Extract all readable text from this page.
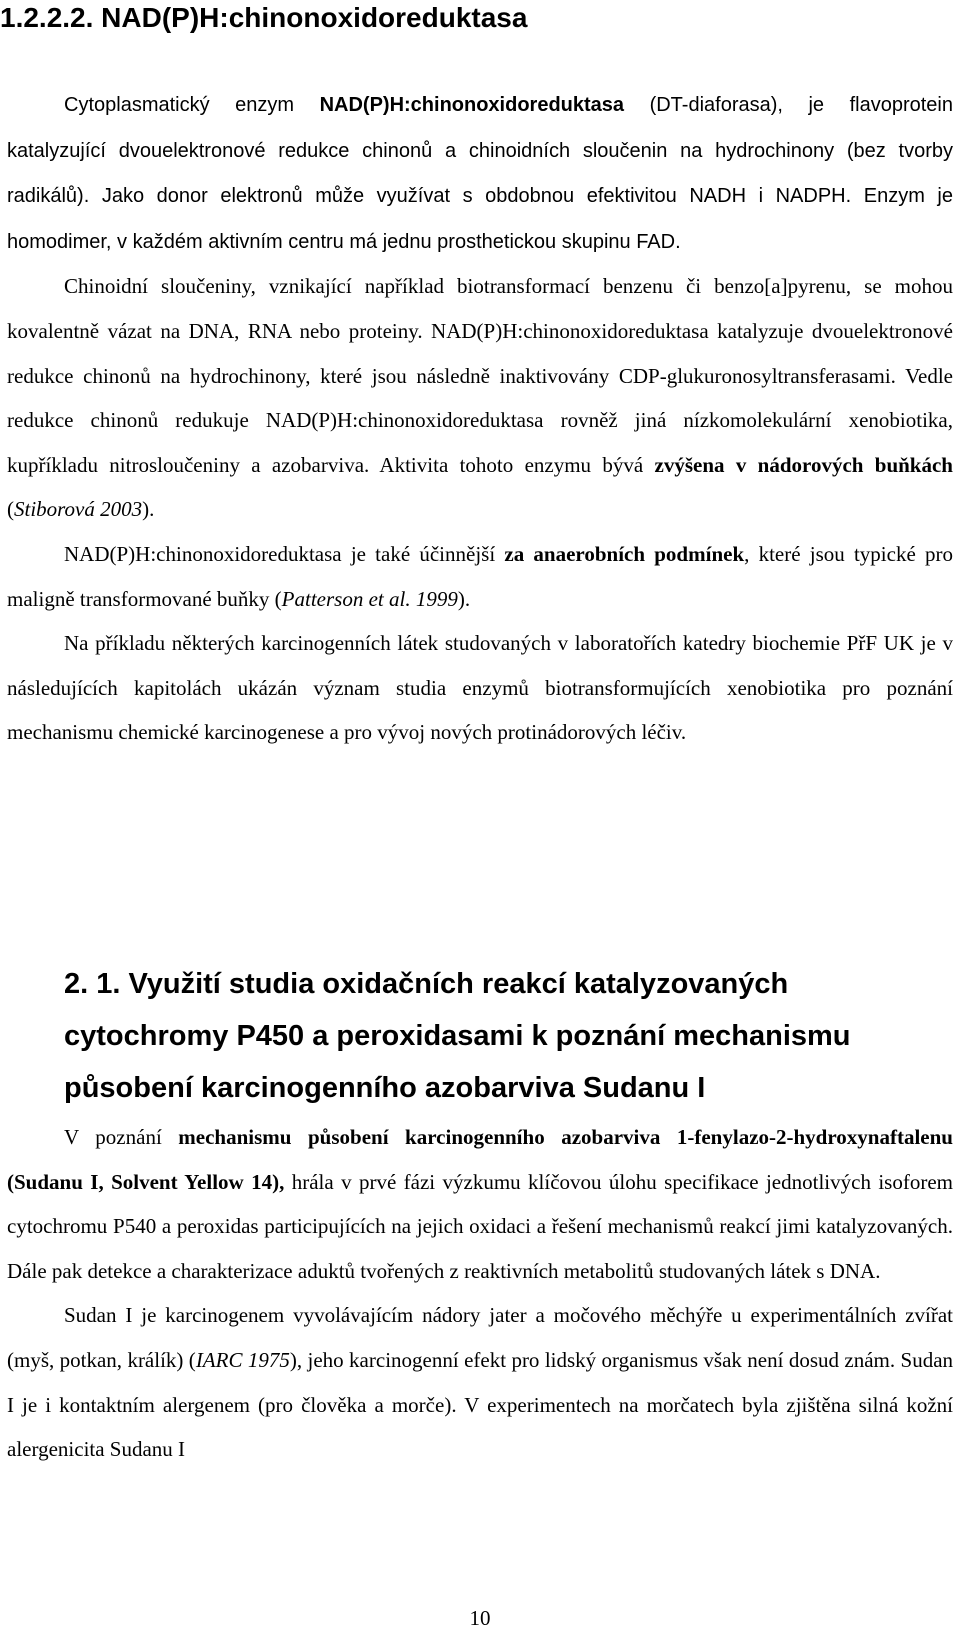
1.2.2.2. NAD(P)H:chinonoxidoreduktasa

Cytoplasmatický enzym NAD(P)H:chinonoxidoreduktasa (DT-diaforasa), je flavoprotein katalyzující dvouelektronové redukce chinonů a chinoidních sloučenin na hydrochinony (bez tvorby radikálů). Jako donor elektronů může využívat s obdobnou efektivitou NADH i NADPH. Enzym je homodimer, v každém aktivním centru má jednu prosthetickou skupinu FAD.

Chinoidní sloučeniny, vznikající například biotransformací benzenu či benzo[a]pyrenu, se mohou kovalentně vázat na DNA, RNA nebo proteiny. NAD(P)H:chinonoxidoreduktasa katalyzuje dvouelektronové redukce chinonů na hydrochinony, které jsou následně inaktivovány CDP-glukuronosyltransferasami. Vedle redukce chinonů redukuje NAD(P)H:chinonoxidoreduktasa rovněž jiná nízkomolekulární xenobiotika, kupříkladu nitrosloučeniny a azobarviva. Aktivita tohoto enzymu bývá zvýšena v nádorových buňkách (Stiborová 2003).

NAD(P)H:chinonoxidoreduktasa je také účinnější za anaerobních podmínek, které jsou typické pro maligně transformované buňky (Patterson et al. 1999).

Na příkladu některých karcinogenních látek studovaných v laboratořích katedry biochemie PřF UK je v následujících kapitolách ukázán význam studia enzymů biotransformujících xenobiotika pro poznání mechanismu chemické karcinogenese a pro vývoj nových protinádorových léčiv.

2. 1. Využití studia oxidačních reakcí katalyzovaných
cytochromy P450 a peroxidasami k poznání mechanismu
působení karcinogenního azobarviva Sudanu I

V poznání mechanismu působení karcinogenního azobarviva 1-fenylazo-2-hydroxynaftalenu (Sudanu I, Solvent Yellow 14), hrála v prvé fázi výzkumu klíčovou úlohu specifikace jednotlivých isoforem cytochromu P540 a peroxidas participujících na jejich oxidaci a řešení mechanismů reakcí jimi katalyzovaných. Dále pak detekce a charakterizace aduktů tvořených z reaktivních metabolitů studovaných látek s DNA.

Sudan I je karcinogenem vyvolávajícím nádory jater a močového měchýře u experimentálních zvířat (myš, potkan, králík) (IARC 1975), jeho karcinogenní efekt pro lidský organismus však není dosud znám. Sudan I je i kontaktním alergenem (pro člověka a morče). V experimentech na morčatech byla zjištěna silná kožní alergenicita Sudanu I

10
